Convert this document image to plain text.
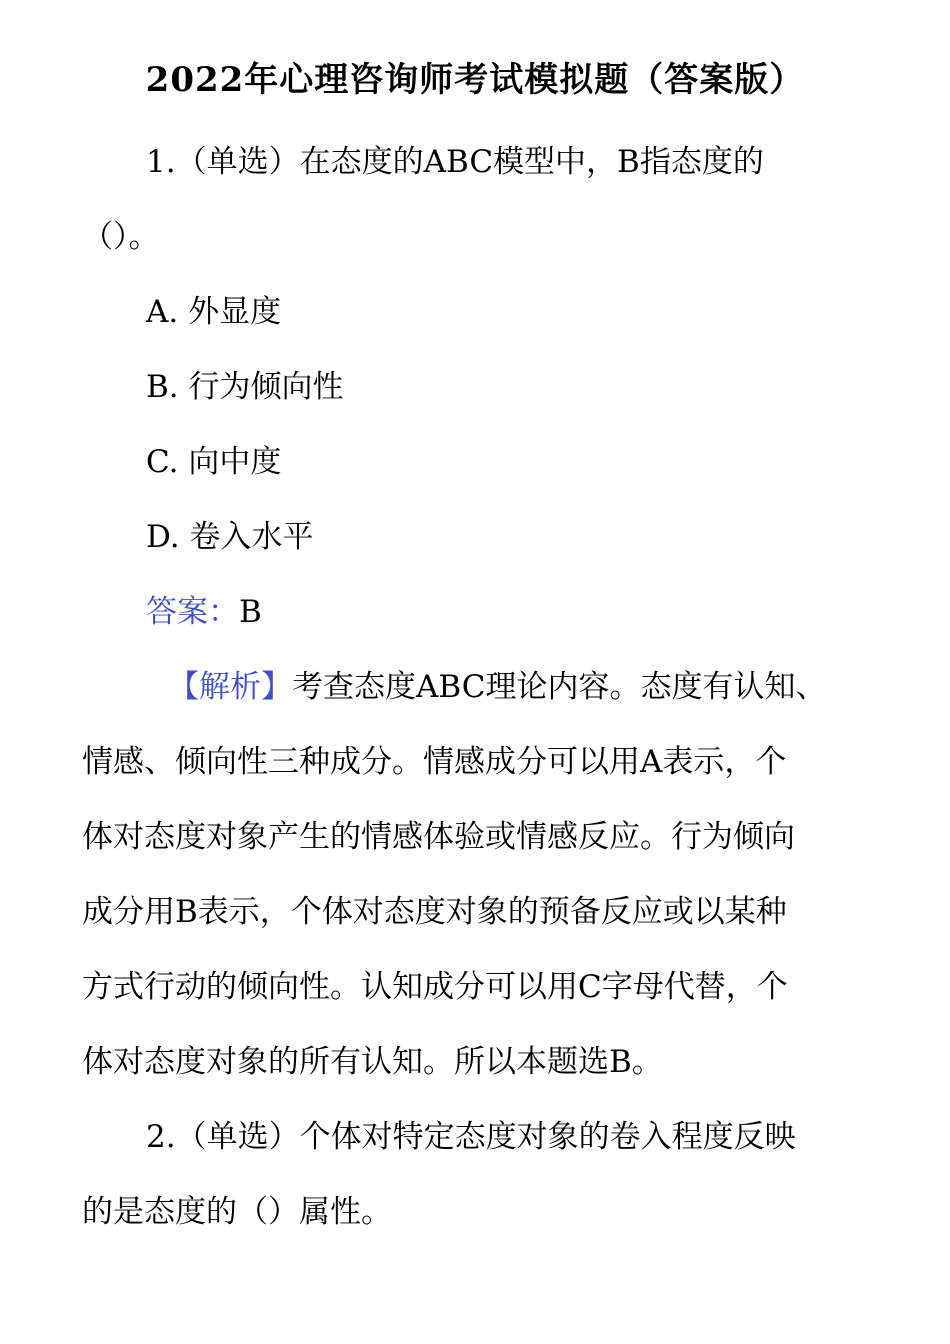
2022年心理咨询师考试模拟题（答案版）
1.（单选）在态度的ABC模型中，B指态度的
（）。
A. 外显度
B. 行为倾向性
C. 向中度
D. 卷入水平
答案：B
【解析】考查态度ABC理论内容。态度有认知、
情感、倾向性三种成分。情感成分可以用A表示，个
体对态度对象产生的情感体验或情感反应。行为倾向
成分用B表示，个体对态度对象的预备反应或以某种
方式行动的倾向性。认知成分可以用C字母代替，个
体对态度对象的所有认知。所以本题选B。
2.（单选）个体对特定态度对象的卷入程度反映
的是态度的（）属性。
